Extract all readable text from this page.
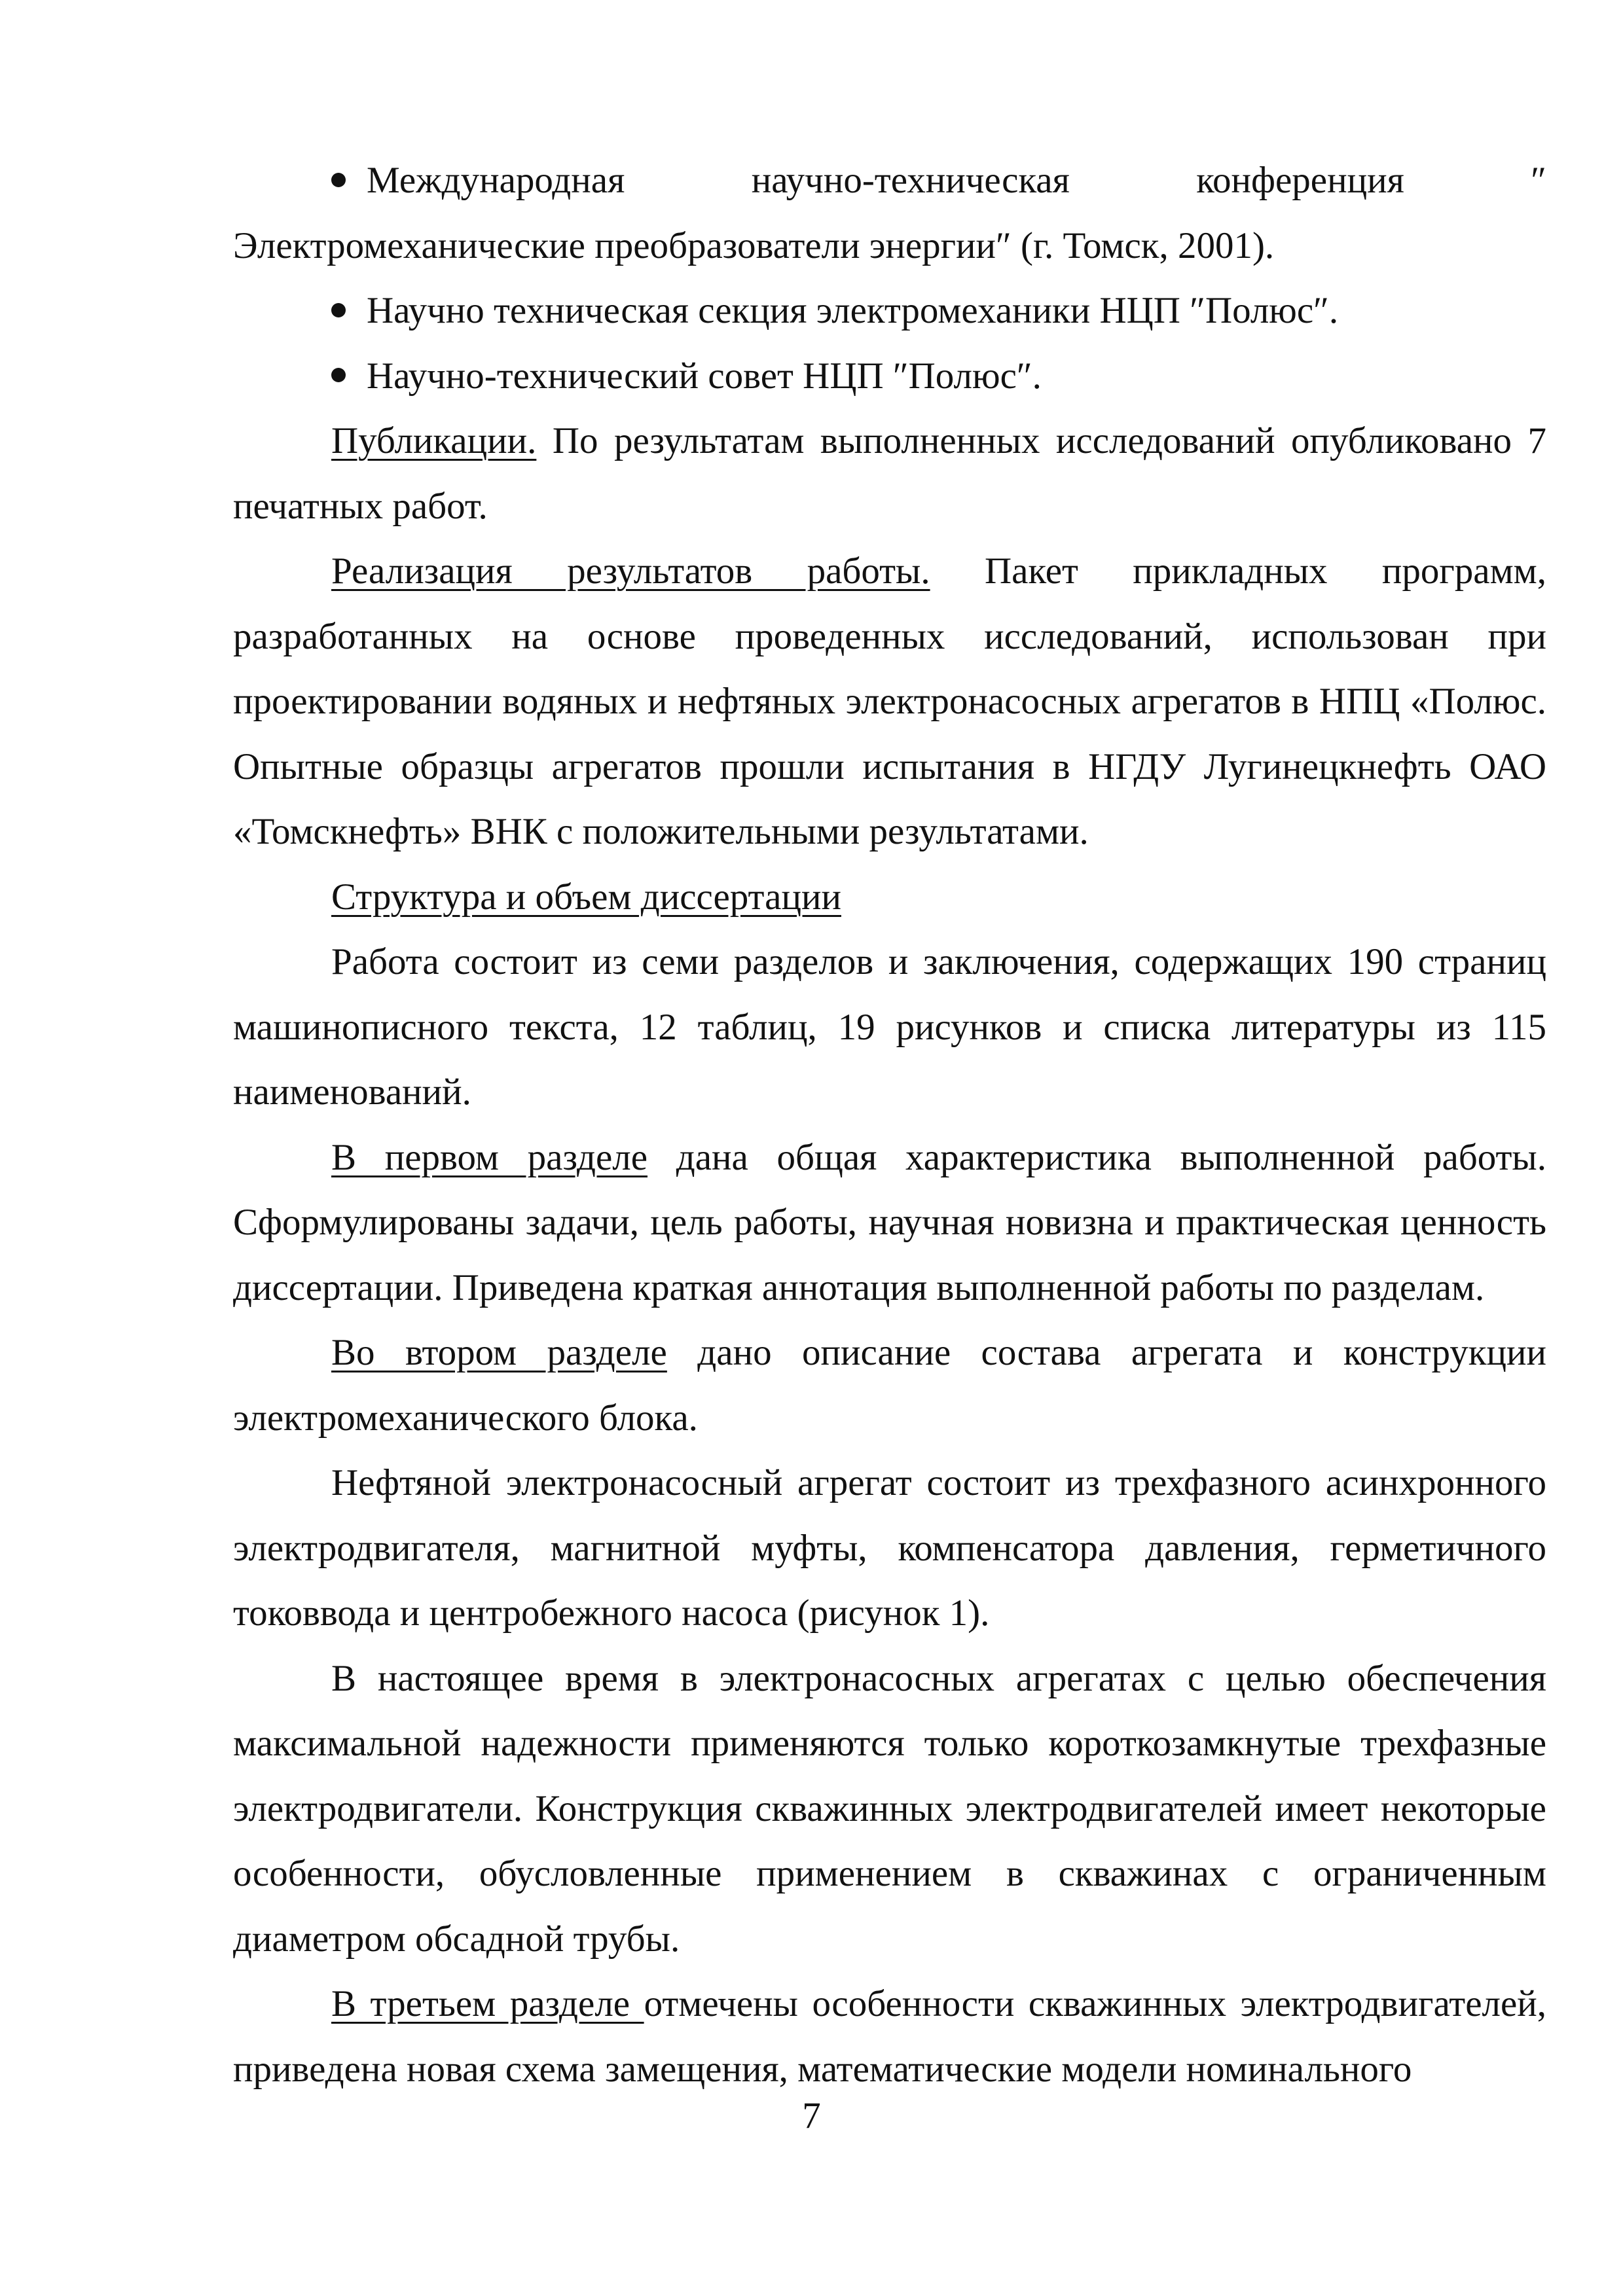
Международная научно-техническая конференция ″ Электромеханические преобразователи энергии″ (г. Томск, 2001).

Научно техническая секция электромеханики НЦП ″Полюс″.

Научно-технический совет НЦП ″Полюс″.

Публикации. По результатам выполненных исследований опубликовано 7 печатных работ.

Реализация результатов работы. Пакет прикладных программ, разработанных на основе проведенных исследований, использован при проектировании водяных и нефтяных электронасосных агрегатов в НПЦ «Полюс. Опытные образцы агрегатов прошли испытания в НГДУ Лугинецкнефть ОАО «Томскнефть» ВНК с положительными результатами.

Структура и объем диссертации

Работа состоит из семи разделов и заключения, содержащих 190 страниц машинописного текста, 12 таблиц, 19 рисунков и списка литературы из 115 наименований.

В первом разделе дана общая характеристика выполненной работы. Сформулированы задачи, цель работы, научная новизна и практическая ценность диссертации. Приведена краткая аннотация выполненной работы по разделам.

Во втором разделе дано описание состава агрегата и конструкции электромеханического блока.

Нефтяной электронасосный агрегат состоит из трехфазного асинхронного электродвигателя, магнитной муфты, компенсатора давления, герметичного токоввода и центробежного насоса (рисунок 1).

В настоящее время в электронасосных агрегатах с целью обеспечения максимальной надежности применяются только короткозамкнутые трехфазные электродвигатели. Конструкция скважинных электродвигателей имеет некоторые особенности, обусловленные применением в скважинах с ограниченным диаметром обсадной трубы.

В третьем разделе отмечены особенности скважинных электродвигателей, приведена новая схема замещения, математические модели номинального

7
